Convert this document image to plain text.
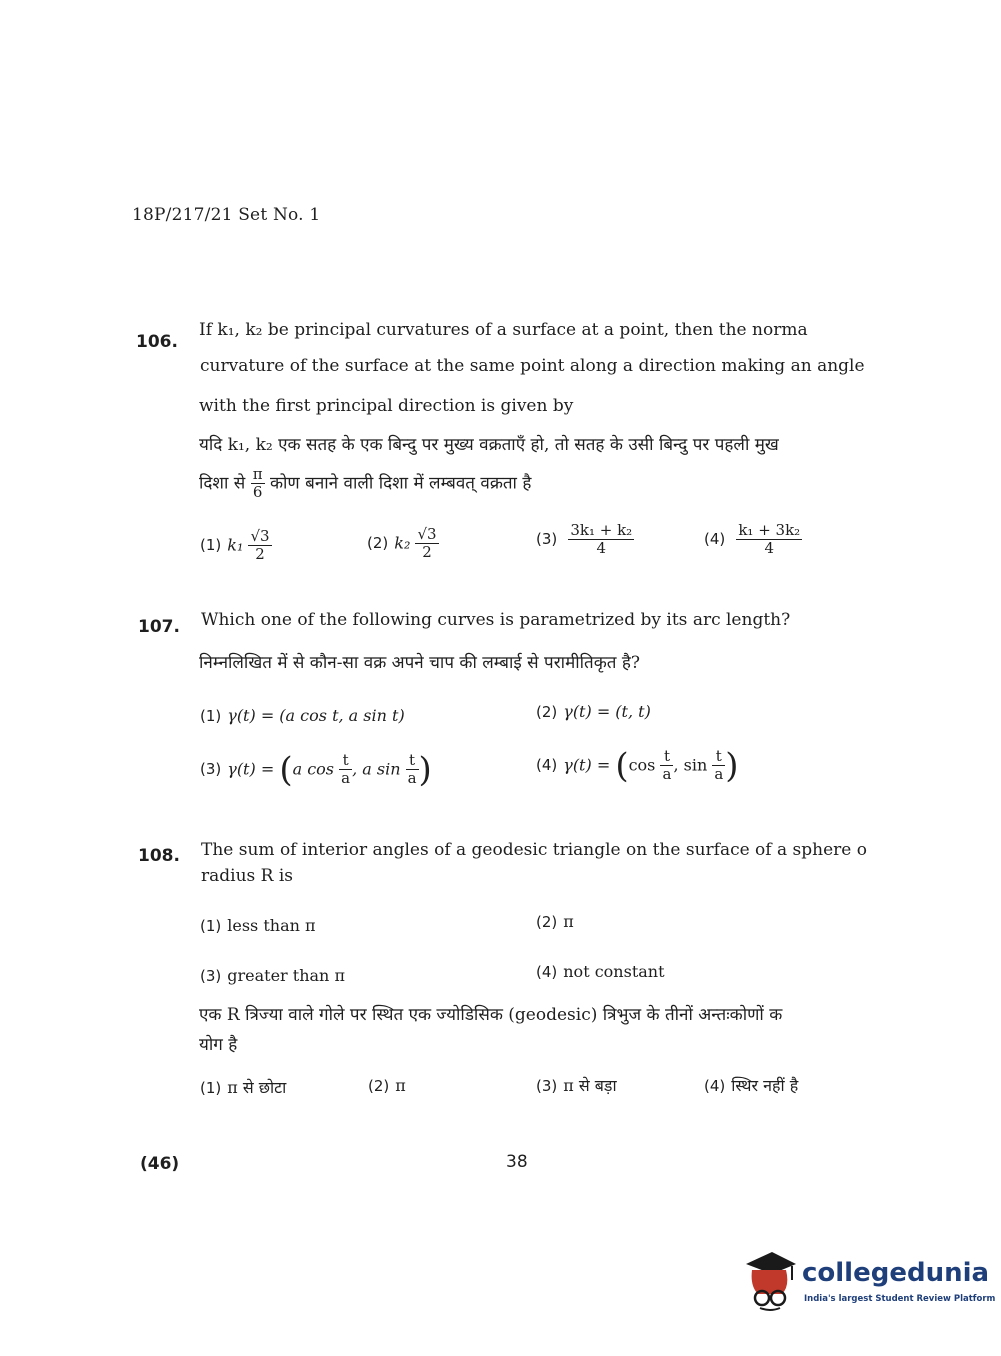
18P/217/21 Set No. 1
106.
If k₁, k₂ be principal curvatures of a surface at a point, then the norma
curvature of the surface at the same point along a direction making an angle
with the first principal direction is given by
यदि k₁, k₂ एक सतह के एक बिन्दु पर मुख्य वक्रताएँ हो, तो सतह के उसी बिन्दु पर पहली मुख
दिशा से $\frac{\pi}{6}$ कोण बनाने वाली दिशा में लम्बवत् वक्रता है
(1) $k_1 \frac{√3}{2}$	(2) $k_2 \frac{√3}{2}$	$(3) \frac{\text{3k₁ + k₂}}{4}$	$(4) \frac{\text{k₁ + 3k₂}}{4}$
107. Which one of the following curves is parametrized by its arc length?
निम्नलिखित में से कौन-सा वक्र अपने चाप की लम्बाई से परामीतिकृत है?
(1) γ(t) = (a cos t, a sin t)	(2) γ(t) = (t, t)
(3) γ(t) = (a $\cos \frac{t}{a}$ , a $\sin \frac{t}{a}$ )	(4) $\gamma(t) = (\cos \frac{t}{a}$ , $\sin \frac{t}{a}$ )
108. The sum of interior angles of a geodesic triangle on the surface of a sphere o
radius R is
(1) less than π	(2) π
(3) greater than π	(4) not constant
एक R त्रिज्या वाले गोले पर स्थित एक ज्योडिसिक (geodesic) त्रिभुज के तीनों अन्तःकोणों क
योग है
(1) π से छोटा	(2) π	(3) π से बड़ा	(4) स्थिर नहीं है
(46)	38
collegedunia
India's largest Student Review Platform
